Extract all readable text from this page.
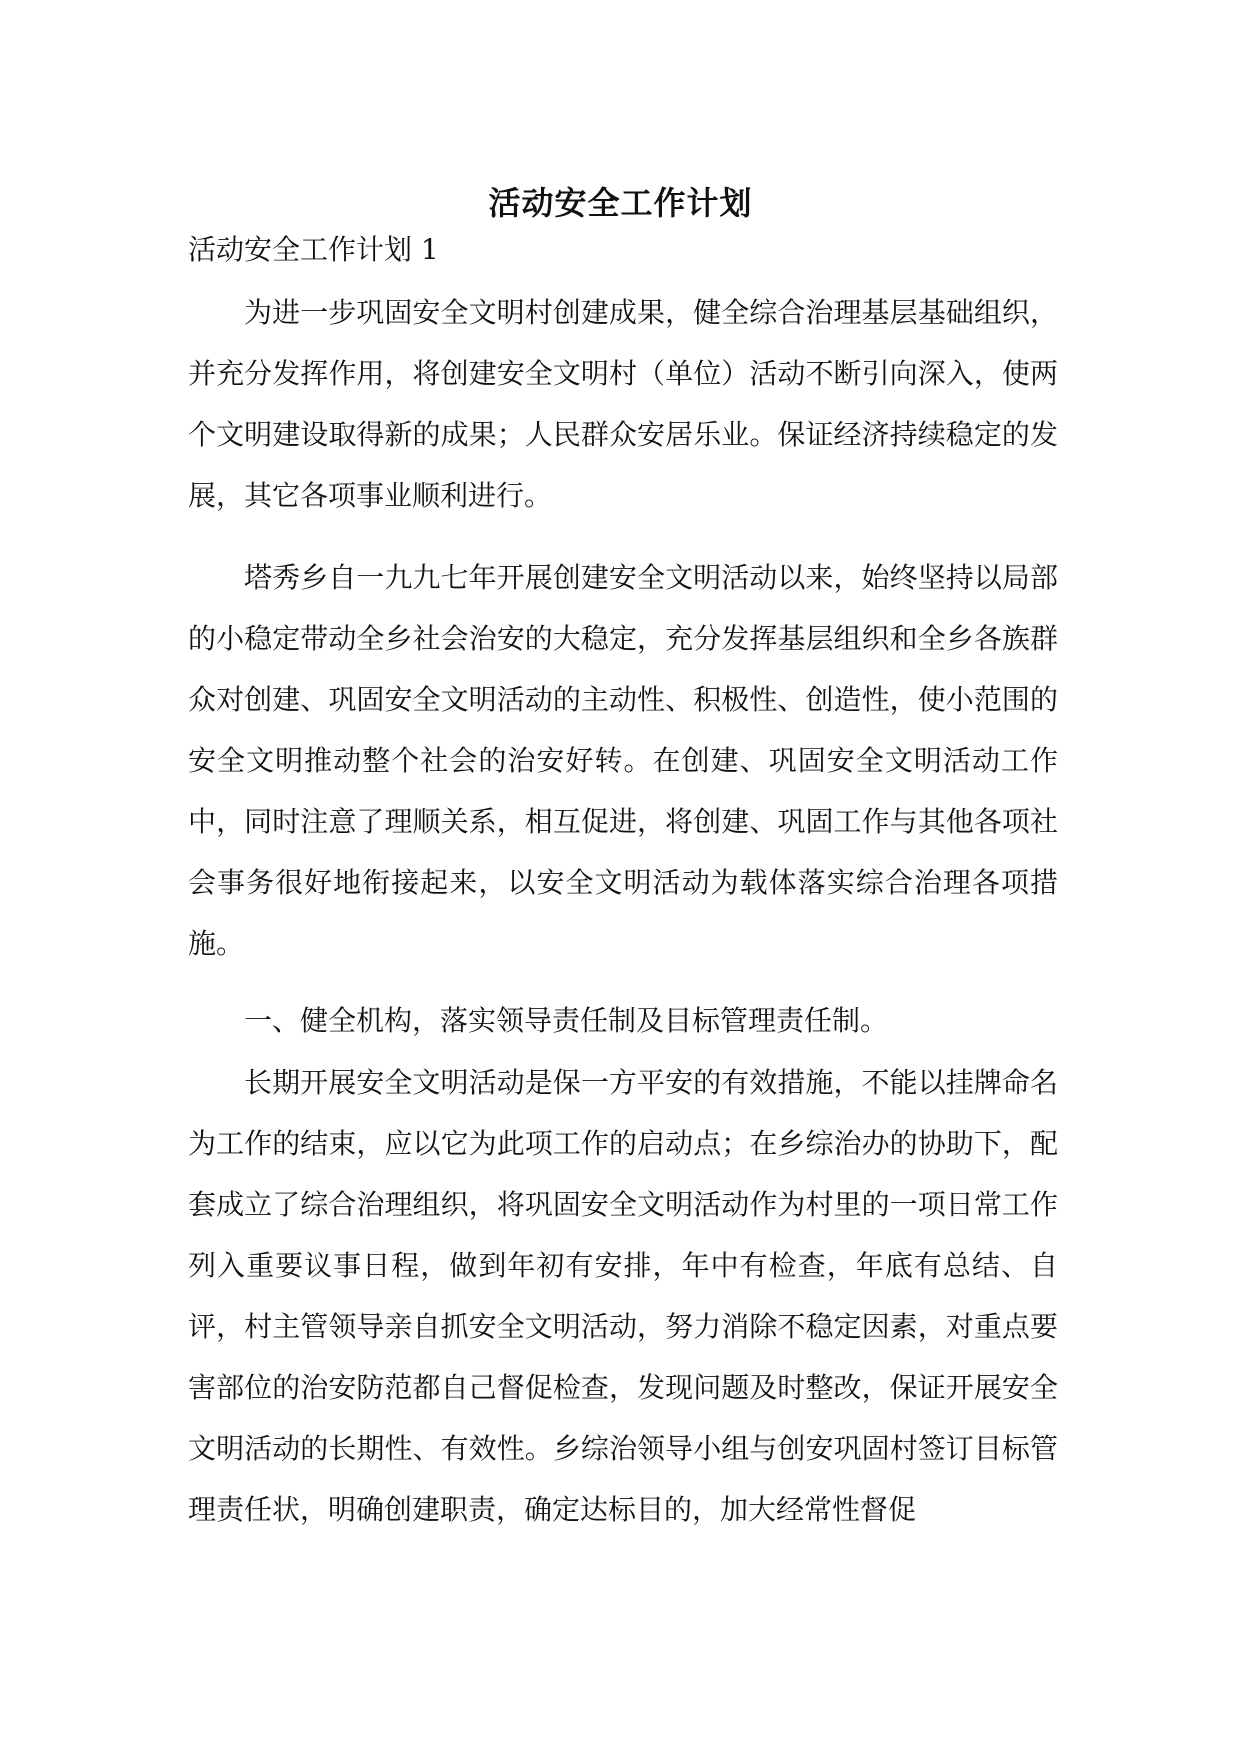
活动安全工作计划
活动安全工作计划 1

为进一步巩固安全文明村创建成果，健全综合治理基层基础组织，并充分发挥作用，将创建安全文明村（单位）活动不断引向深入，使两个文明建设取得新的成果；人民群众安居乐业。保证经济持续稳定的发展，其它各项事业顺利进行。

塔秀乡自一九九七年开展创建安全文明活动以来，始终坚持以局部的小稳定带动全乡社会治安的大稳定，充分发挥基层组织和全乡各族群众对创建、巩固安全文明活动的主动性、积极性、创造性，使小范围的安全文明推动整个社会的治安好转。在创建、巩固安全文明活动工作中，同时注意了理顺关系，相互促进，将创建、巩固工作与其他各项社会事务很好地衔接起来，以安全文明活动为载体落实综合治理各项措施。

一、健全机构，落实领导责任制及目标管理责任制。

长期开展安全文明活动是保一方平安的有效措施，不能以挂牌命名为工作的结束，应以它为此项工作的启动点；在乡综治办的协助下，配套成立了综合治理组织，将巩固安全文明活动作为村里的一项日常工作列入重要议事日程，做到年初有安排，年中有检查，年底有总结、自评，村主管领导亲自抓安全文明活动，努力消除不稳定因素，对重点要害部位的治安防范都自己督促检查，发现问题及时整改，保证开展安全文明活动的长期性、有效性。乡综治领导小组与创安巩固村签订目标管理责任状，明确创建职责，确定达标目的，加大经常性督促
